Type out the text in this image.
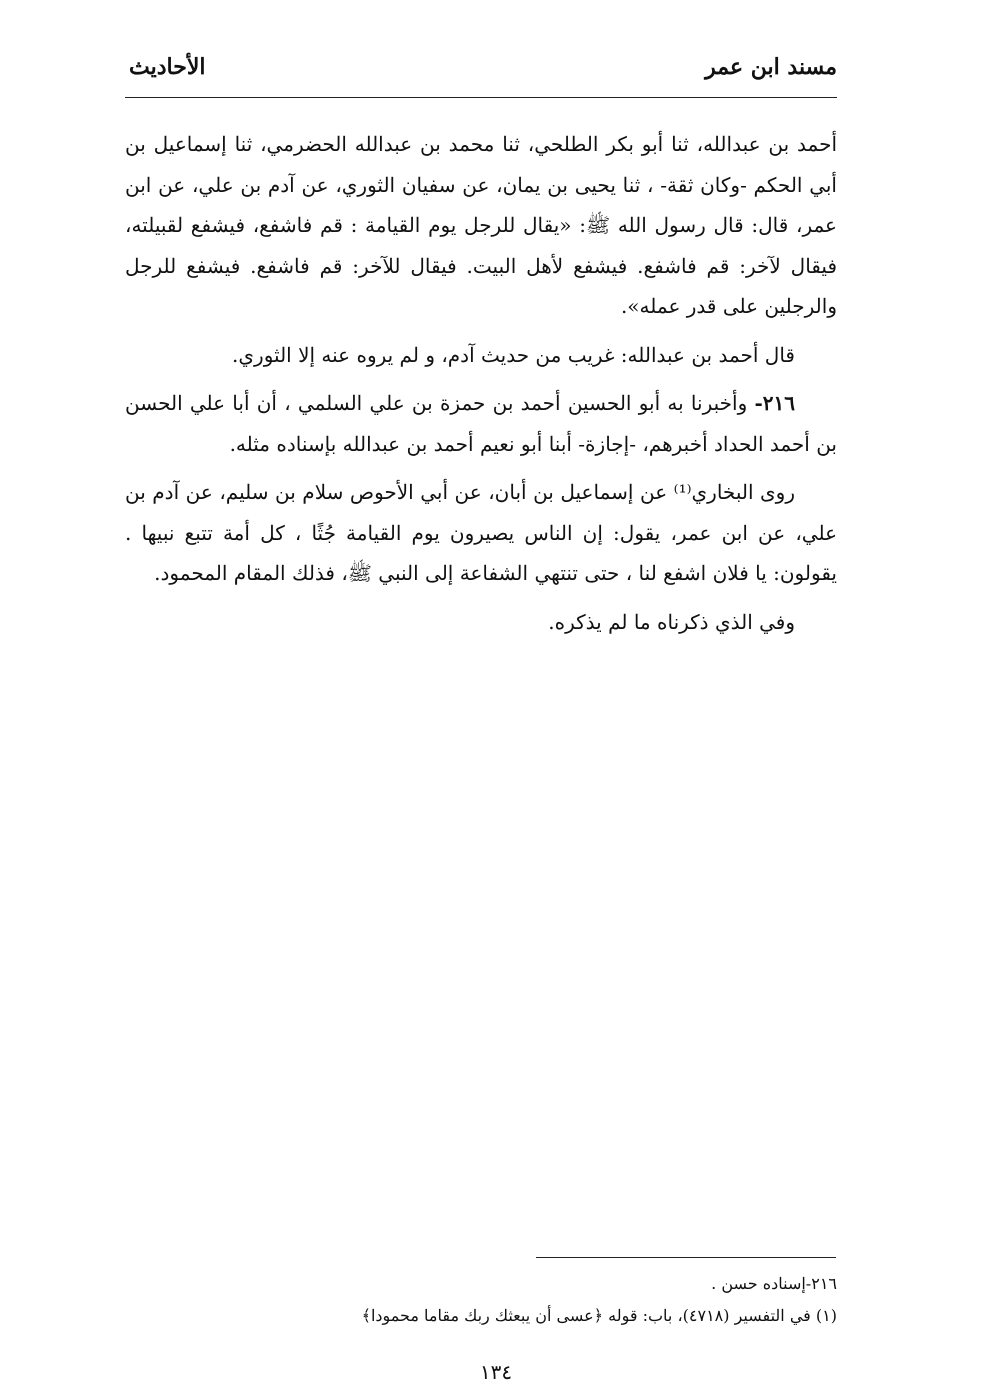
مسند ابن عمر
الأحاديث

أحمد بن عبدالله، ثنا أبو بكر الطلحي، ثنا محمد بن عبدالله الحضرمي، ثنا إسماعيل بن أبي الحكم -وكان ثقة- ، ثنا يحيى بن يمان، عن سفيان الثوري، عن آدم بن علي، عن ابن عمر، قال: قال رسول الله ﷺ: «يقال للرجل يوم القيامة : قم فاشفع، فيشفع لقبيلته، فيقال لآخر: قم فاشفع. فيشفع لأهل البيت. فيقال للآخر: قم فاشفع. فيشفع للرجل والرجلين على قدر عمله».

قال أحمد بن عبدالله: غريب من حديث آدم، و لم يروه عنه إلا الثوري.

٢١٦- وأخبرنا به أبو الحسين أحمد بن حمزة بن علي السلمي ، أن أبا علي الحسن بن أحمد الحداد أخبرهم، -إجازة- أبنا أبو نعيم أحمد بن عبدالله بإسناده مثله.

روى البخاري⁽¹⁾ عن إسماعيل بن أبان، عن أبي الأحوص سلام بن سليم، عن آدم بن علي، عن ابن عمر، يقول: إن الناس يصيرون يوم القيامة جُثًا ، كل أمة تتبع نبيها . يقولون: يا فلان اشفع لنا ، حتى تنتهي الشفاعة إلى النبي ﷺ، فذلك المقام المحمود.

وفي الذي ذكرناه ما لم يذكره.

٢١٦-إسناده حسن .
(١) في التفسير (٤٧١٨)، باب: قوله ﴿عسى أن يبعثك ربك مقاما محمودا﴾
١٣٤
